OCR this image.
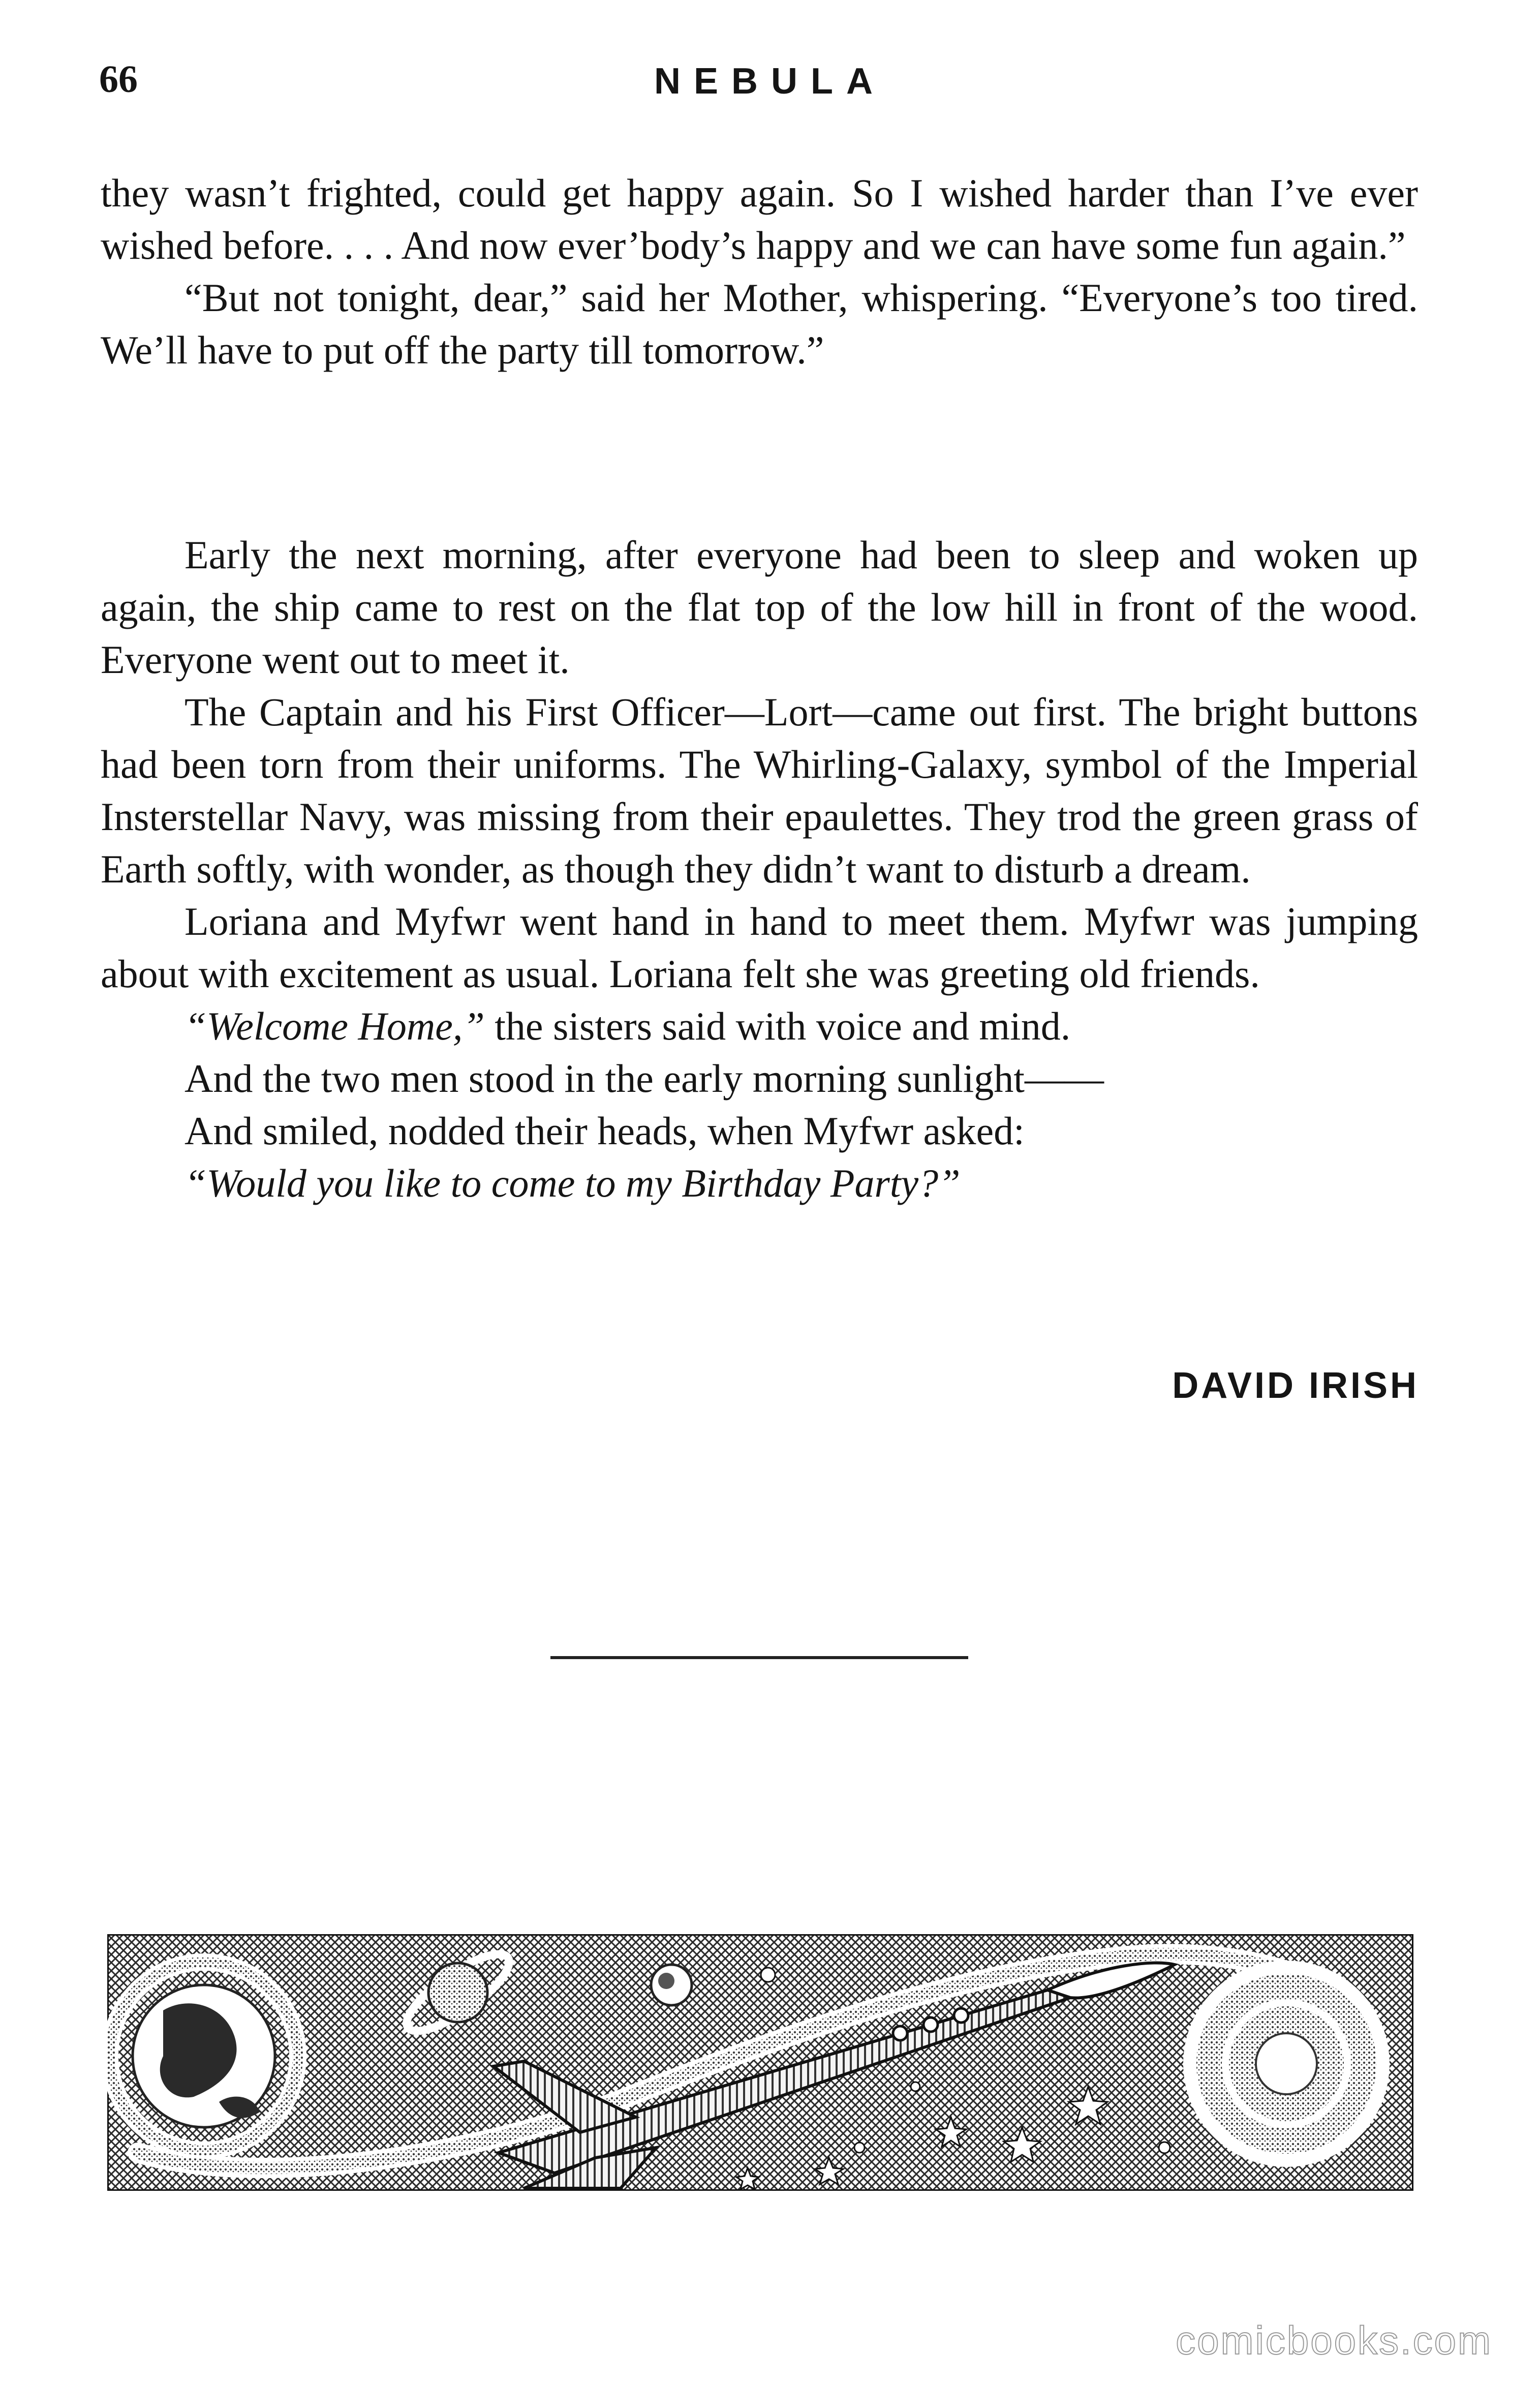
66	NEBULA

they wasn’t frighted, could get happy again. So I wished harder than I’ve ever wished before. . . . And now ever’body’s happy and we can have some fun again.”

“But not tonight, dear,” said her Mother, whispering. “Everyone’s too tired. We’ll have to put off the party till tomorrow.”

Early the next morning, after everyone had been to sleep and woken up again, the ship came to rest on the flat top of the low hill in front of the wood. Everyone went out to meet it.

The Captain and his First Officer—Lort—came out first. The bright buttons had been torn from their uniforms. The Whirling-Galaxy, symbol of the Imperial Insterstellar Navy, was missing from their epaulettes. They trod the green grass of Earth softly, with wonder, as though they didn’t want to disturb a dream.

Loriana and Myfwr went hand in hand to meet them. Myfwr was jumping about with excitement as usual. Loriana felt she was greeting old friends.

“Welcome Home,” the sisters said with voice and mind.

And the two men stood in the early morning sunlight——

And smiled, nodded their heads, when Myfwr asked:

“Would you like to come to my Birthday Party?”

DAVID IRISH
comicbooks.com
